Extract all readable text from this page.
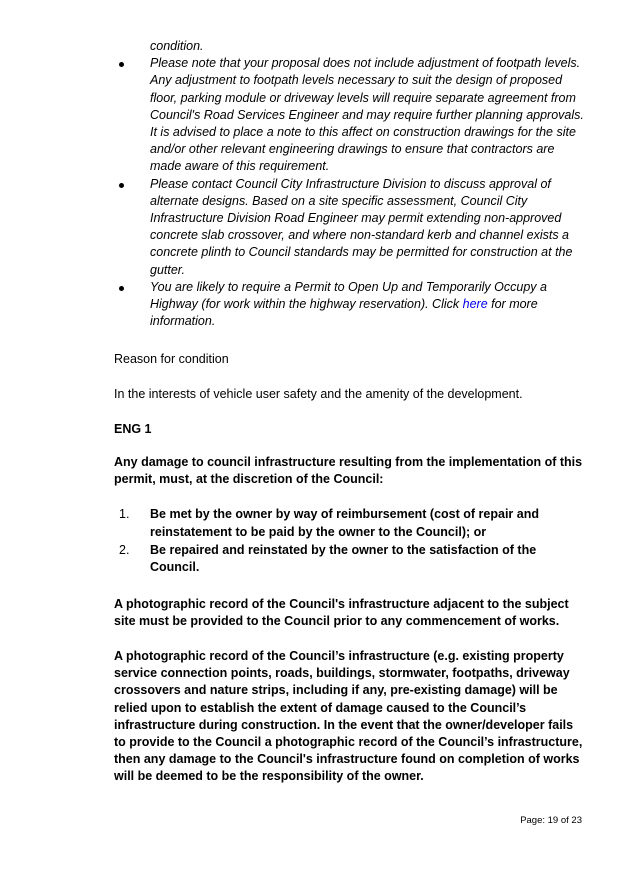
condition.
Please note that your proposal does not include adjustment of footpath levels. Any adjustment to footpath levels necessary to suit the design of proposed floor, parking module or driveway levels will require separate agreement from Council's Road Services Engineer and may require further planning approvals. It is advised to place a note to this affect on construction drawings for the site and/or other relevant engineering drawings to ensure that contractors are made aware of this requirement.
Please contact Council City Infrastructure Division to discuss approval of alternate designs. Based on a site specific assessment, Council City Infrastructure Division Road Engineer may permit extending non-approved concrete slab crossover, and where non-standard kerb and channel exists a concrete plinth to Council standards may be permitted for construction at the gutter.
You are likely to require a Permit to Open Up and Temporarily Occupy a Highway (for work within the highway reservation). Click here for more information.

Reason for condition

In the interests of vehicle user safety and the amenity of the development.

ENG 1

Any damage to council infrastructure resulting from the implementation of this permit, must, at the discretion of the Council:

1. Be met by the owner by way of reimbursement (cost of repair and reinstatement to be paid by the owner to the Council); or
2. Be repaired and reinstated by the owner to the satisfaction of the Council.

A photographic record of the Council's infrastructure adjacent to the subject site must be provided to the Council prior to any commencement of works.

A photographic record of the Council’s infrastructure (e.g. existing property service connection points, roads, buildings, stormwater, footpaths, driveway crossovers and nature strips, including if any, pre-existing damage) will be relied upon to establish the extent of damage caused to the Council’s infrastructure during construction. In the event that the owner/developer fails to provide to the Council a photographic record of the Council’s infrastructure, then any damage to the Council's infrastructure found on completion of works will be deemed to be the responsibility of the owner.

Page: 19 of 23
